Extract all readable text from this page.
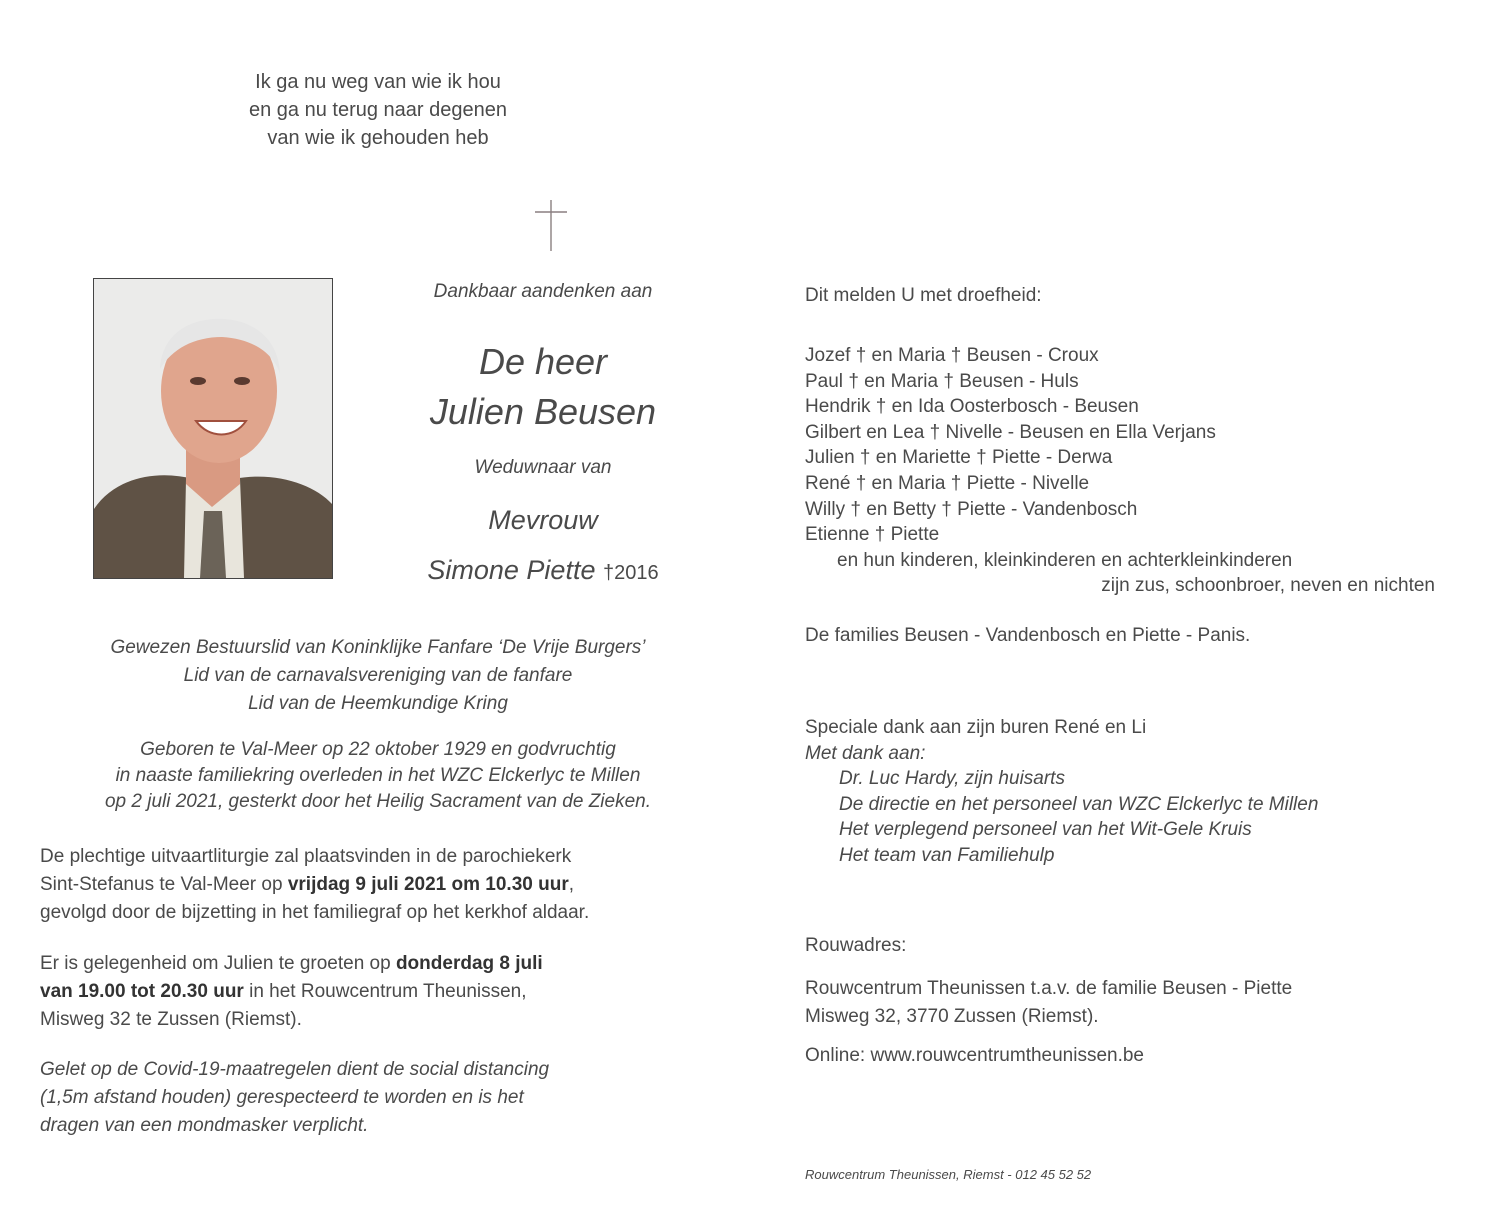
Ik ga nu weg van wie ik hou
en ga nu terug naar degenen
van wie ik gehouden heb
Dankbaar aandenken aan
De heer
Julien Beusen
Weduwnaar van
Mevrouw
Simone Piette †2016
Gewezen Bestuurslid van Koninklijke Fanfare ‘De Vrije Burgers’
Lid van de carnavalsvereniging van de fanfare
Lid van de Heemkundige Kring
Geboren te Val-Meer op 22 oktober 1929 en godvruchtig
in naaste familiekring overleden in het WZC Elckerlyc te Millen
op 2 juli 2021, gesterkt door het Heilig Sacrament van de Zieken.
De plechtige uitvaartliturgie zal plaatsvinden in de parochiekerk
Sint-Stefanus te Val-Meer op vrijdag 9 juli 2021 om 10.30 uur,
gevolgd door de bijzetting in het familiegraf op het kerkhof aldaar.
Er is gelegenheid om Julien te groeten op donderdag 8 juli
van 19.00 tot 20.30 uur in het Rouwcentrum Theunissen,
Misweg 32 te Zussen (Riemst).
Gelet op de Covid-19-maatregelen dient de social distancing
(1,5m afstand houden) gerespecteerd te worden en is het
dragen van een mondmasker verplicht.
Dit melden U met droefheid:
Jozef † en Maria † Beusen - Croux
Paul † en Maria † Beusen - Huls
Hendrik † en Ida Oosterbosch - Beusen
Gilbert en Lea † Nivelle - Beusen en Ella Verjans
Julien † en Mariette † Piette - Derwa
René † en Maria † Piette - Nivelle
Willy † en Betty † Piette - Vandenbosch
Etienne † Piette
en hun kinderen, kleinkinderen en achterkleinkinderen
zijn zus, schoonbroer, neven en nichten
De families Beusen - Vandenbosch en Piette - Panis.
Speciale dank aan zijn buren René en Li
Met dank aan:
Dr. Luc Hardy, zijn huisarts
De directie en het personeel van WZC Elckerlyc te Millen
Het verplegend personeel van het Wit-Gele Kruis
Het team van Familiehulp
Rouwadres:
Rouwcentrum Theunissen t.a.v. de familie Beusen - Piette
Misweg 32, 3770 Zussen (Riemst).
Online: www.rouwcentrumtheunissen.be
Rouwcentrum Theunissen, Riemst - 012 45 52 52
